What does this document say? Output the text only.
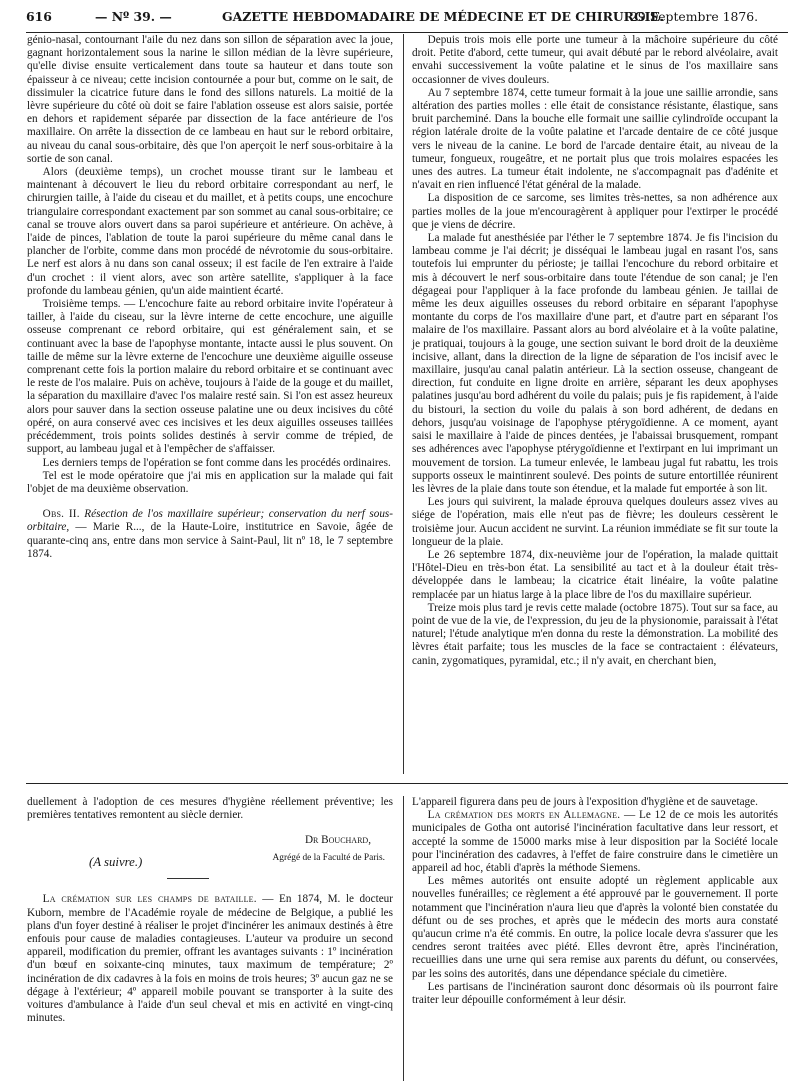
616	— Nº 39. —	GAZETTE HEBDOMADAIRE DE MÉDECINE ET DE CHIRURGIE.
29 Septembre 1876.

génio-nasal, contournant l'aile du nez dans son sillon de séparation avec la joue, gagnant horizontalement sous la narine le sillon médian de la lèvre supérieure, qu'elle divise ensuite verticalement dans toute sa hauteur et dans toute son épaisseur à ce niveau; cette incision contournée a pour but, comme on le sait, de dissimuler la cicatrice future dans le fond des sillons naturels. La moitié de la lèvre supérieure du côté où doit se faire l'ablation osseuse est alors saisie, portée en dehors et rapidement séparée par dissection de la face antérieure de l'os maxillaire. On arrête la dissection de ce lambeau en haut sur le rebord orbitaire, au niveau du canal sous-orbitaire, dès que l'on aperçoit le nerf sous-orbitaire à la sortie de son canal.

Alors (deuxième temps), un crochet mousse tirant sur le lambeau et maintenant à découvert le lieu du rebord orbitaire correspondant au nerf, le chirurgien taille, à l'aide du ciseau et du maillet, et à petits coups, une encochure triangulaire correspondant exactement par son sommet au canal sous-orbitaire; ce canal se trouve alors ouvert dans sa paroi supérieure et antérieure. On achève, à l'aide de pinces, l'ablation de toute la paroi supérieure du même canal dans le plancher de l'orbite, comme dans mon procédé de névrotomie du sous-orbitaire. Le nerf est alors à nu dans son canal osseux; il est facile de l'en extraire à l'aide d'un crochet : il vient alors, avec son artère satellite, s'appliquer à la face profonde du lambeau génien, qu'un aide maintient écarté.

Troisième temps. — L'encochure faite au rebord orbitaire invite l'opérateur à tailler, à l'aide du ciseau, sur la lèvre interne de cette encochure, une aiguille osseuse comprenant ce rebord orbitaire, qui est généralement sain, et se continuant avec la base de l'apophyse montante, intacte aussi le plus souvent. On taille de même sur la lèvre externe de l'encochure une deuxième aiguille osseuse comprenant cette fois la portion malaire du rebord orbitaire et se continuant avec le reste de l'os malaire. Puis on achève, toujours à l'aide de la gouge et du maillet, la séparation du maxillaire d'avec l'os malaire resté sain. Si l'on est assez heureux alors pour sauver dans la section osseuse palatine une ou deux incisives du côté opéré, on aura conservé avec ces incisives et les deux aiguilles osseuses taillées précédemment, trois points solides destinés à servir comme de trépied, de support, au lambeau jugal et à l'empêcher de s'affaisser.

Les derniers temps de l'opération se font comme dans les procédés ordinaires.

Tel est le mode opératoire que j'ai mis en application sur la malade qui fait l'objet de ma deuxième observation.

Obs. II. Résection de l'os maxillaire supérieur; conservation du nerf sous-orbitaire, — Marie R..., de la Haute-Loire, institutrice en Savoie, âgée de quarante-cinq ans, entre dans mon service à Saint-Paul, lit nº 18, le 7 septembre 1874.

Depuis trois mois elle porte une tumeur à la mâchoire supérieure du côté droit. Petite d'abord, cette tumeur, qui avait débuté par le rebord alvéolaire, avait envahi successivement la voûte palatine et le sinus de l'os maxillaire sans occasionner de vives douleurs.

Au 7 septembre 1874, cette tumeur formait à la joue une saillie arrondie, sans altération des parties molles : elle était de consistance résistante, élastique, sans bruit parcheminé. Dans la bouche elle formait une saillie cylindroïde occupant la région latérale droite de la voûte palatine et l'arcade dentaire de ce côté jusque vers le niveau de la canine. Le bord de l'arcade dentaire était, au niveau de la tumeur, fongueux, rougeâtre, et ne portait plus que trois molaires espacées les unes des autres. La tumeur était indolente, ne s'accompagnait pas d'adénite et n'avait en rien influencé l'état général de la malade.

La disposition de ce sarcome, ses limites très-nettes, sa non adhérence aux parties molles de la joue m'encouragèrent à appliquer pour l'extirper le procédé que je viens de décrire.

La malade fut anesthésiée par l'éther le 7 septembre 1874. Je fis l'incision du lambeau comme je l'ai décrit; je disséquai le lambeau jugal en rasant l'os, sans toutefois lui emprunter du périoste; je taillai l'encochure du rebord orbitaire et mis à découvert le nerf sous-orbitaire dans toute l'étendue de son canal; je l'en dégageai pour l'appliquer à la face profonde du lambeau génien. Je taillai de même les deux aiguilles osseuses du rebord orbitaire en séparant l'apophyse montante du corps de l'os maxillaire d'une part, et d'autre part en séparant l'os malaire de l'os maxillaire. Passant alors au bord alvéolaire et à la voûte palatine, je pratiquai, toujours à la gouge, une section suivant le bord droit de la deuxième incisive, allant, dans la direction de la ligne de séparation de l'os incisif avec le maxillaire, jusqu'au canal palatin antérieur. Là la section osseuse, changeant de direction, fut conduite en ligne droite en arrière, séparant les deux apophyses palatines jusqu'au bord adhérent du voile du palais; puis je fis rapidement, à l'aide du bistouri, la section du voile du palais à son bord adhérent, de dedans en dehors, jusqu'au voisinage de l'apophyse ptérygoïdienne. A ce moment, ayant saisi le maxillaire à l'aide de pinces dentées, je l'abaissai brusquement, rompant ses adhérences avec l'apophyse ptérygoïdienne et l'extirpant en lui imprimant un mouvement de torsion. La tumeur enlevée, le lambeau jugal fut rabattu, les trois supports osseux le maintinrent soulevé. Des points de suture entortillée réunirent les lèvres de la plaie dans toute son étendue, et la malade fut emportée à son lit.

Les jours qui suivirent, la malade éprouva quelques douleurs assez vives au siége de l'opération, mais elle n'eut pas de fièvre; les douleurs cessèrent le troisième jour. Aucun accident ne survint. La réunion immédiate se fit sur toute la longueur de la plaie.

Le 26 septembre 1874, dix-neuvième jour de l'opération, la malade quittait l'Hôtel-Dieu en très-bon état. La sensibilité au tact et à la douleur était très-développée dans le lambeau; la cicatrice était linéaire, la voûte palatine remplacée par un hiatus large à la place libre de l'os du maxillaire supérieur.

Treize mois plus tard je revis cette malade (octobre 1875). Tout sur sa face, au point de vue de la vie, de l'expression, du jeu de la physionomie, paraissait à l'état naturel; l'étude analytique m'en donna du reste la démonstration. La mobilité des lèvres était parfaite; tous les muscles de la face se contractaient : élévateurs, canin, zygomatiques, pyramidal, etc.; il n'y avait, en cherchant bien,

duellement à l'adoption de ces mesures d'hygiène réellement préventive; les premières tentatives remontent au siècle dernier.

Dr Bouchard,
Agrégé de la Faculté de Paris.
(A suivre.)

La crémation sur les champs de bataille. — En 1874, M. le docteur Kuborn, membre de l'Académie royale de médecine de Belgique, a publié les plans d'un foyer destiné à réaliser le projet d'incinérer les animaux destinés à être enfouis pour cause de maladies contagieuses. L'auteur va produire un second appareil, modification du premier, offrant les avantages suivants : 1º incinération d'un bœuf en soixante-cinq minutes, taux maximum de température; 2º incinération de dix cadavres à la fois en moins de trois heures; 3º aucun gaz ne se dégage à l'extérieur; 4º appareil mobile pouvant se transporter à la suite des voitures d'ambulance à l'aide d'un seul cheval et mis en activité en vingt-cinq minutes.

L'appareil figurera dans peu de jours à l'exposition d'hygiène et de sauvetage.

La crémation des morts en Allemagne. — Le 12 de ce mois les autorités municipales de Gotha ont autorisé l'incinération facultative dans leur ressort, et accepté la somme de 15000 marks mise à leur disposition par la Société locale pour l'incinération des cadavres, à l'effet de faire construire dans le cimetière un appareil ad hoc, établi d'après la méthode Siemens.

Les mêmes autorités ont ensuite adopté un règlement applicable aux nouvelles funérailles; ce règlement a été approuvé par le gouvernement. Il porte notamment que l'incinération n'aura lieu que d'après la volonté bien constatée du défunt ou de ses proches, et après que le médecin des morts aura constaté qu'aucun crime n'a été commis. En outre, la police locale devra s'assurer que les cendres seront traitées avec piété. Elles devront être, après l'incinération, recueillies dans une urne qui sera remise aux parents du défunt, ou conservées, par les soins des autorités, dans une dépendance spéciale du cimetière.

Les partisans de l'incinération sauront donc désormais où ils pourront faire traiter leur dépouille conformément à leur désir.
